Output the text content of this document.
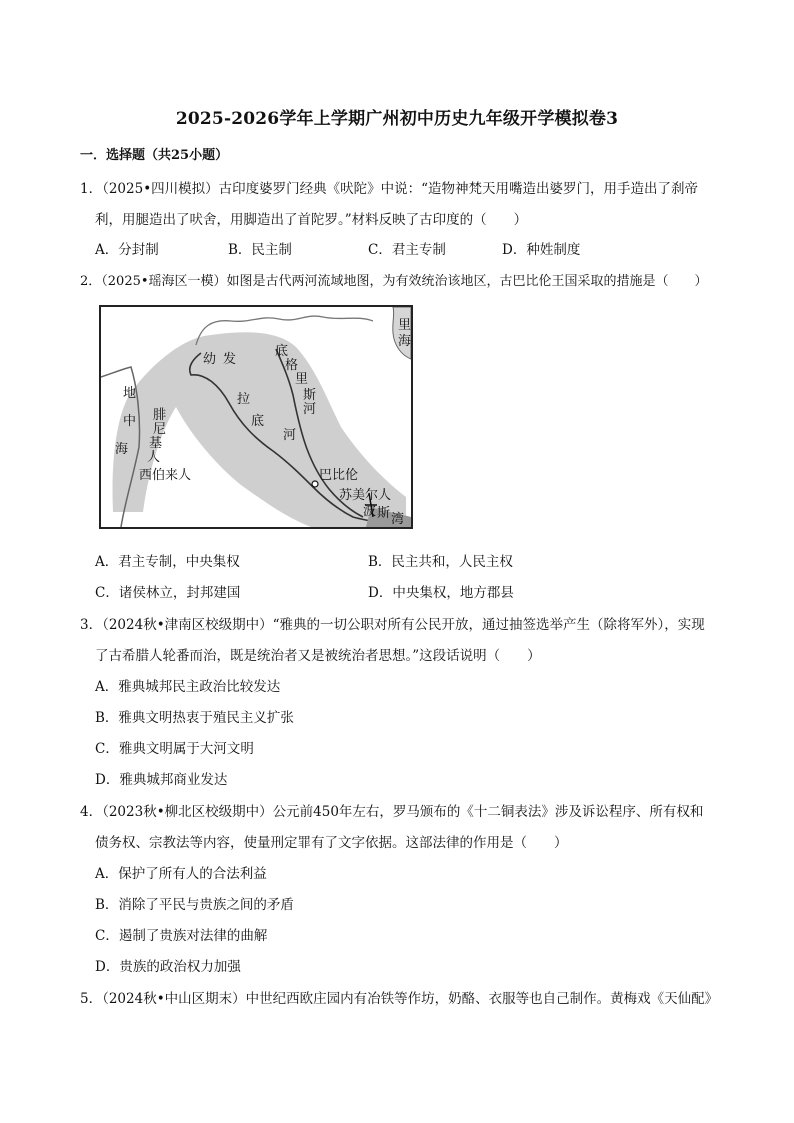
2025-2026学年上学期广州初中历史九年级开学模拟卷3
一．选择题（共25小题）
1．（2025•四川模拟）古印度婆罗门经典《吠陀》中说：“造物神梵天用嘴造出婆罗门，用手造出了刹帝
利，用腿造出了吠舍，用脚造出了首陀罗。”材料反映了古印度的（　　）
A．分封制	B．民主制	C．君主专制	D．种姓制度
2．（2025•瑶海区一模）如图是古代两河流域地图，为有效统治该地区，古巴比伦王国采取的措施是（　　）
地
中
海
腓
尼
基
人
西伯来人
幼 发
拉
底
河
底
格
里
斯
河
巴比伦
苏美尔人
波 斯 湾
里
海
A．君主专制，中央集权	B．民主共和，人民主权
C．诸侯林立，封邦建国	D．中央集权，地方郡县
3．（2024秋•津南区校级期中）“雅典的一切公职对所有公民开放，通过抽签选举产生（除将军外），实现
了古希腊人轮番而治，既是统治者又是被统治者思想。”这段话说明（　　）
A．雅典城邦民主政治比较发达
B．雅典文明热衷于殖民主义扩张
C．雅典文明属于大河文明
D．雅典城邦商业发达
4．（2023秋•柳北区校级期中）公元前450年左右，罗马颁布的《十二铜表法》涉及诉讼程序、所有权和
债务权、宗教法等内容，使量刑定罪有了文字依据。这部法律的作用是（　　）
A．保护了所有人的合法利益
B．消除了平民与贵族之间的矛盾
C．遏制了贵族对法律的曲解
D．贵族的政治权力加强
5．（2024秋•中山区期末）中世纪西欧庄园内有冶铁等作坊，奶酪、衣服等也自己制作。黄梅戏《天仙配》
